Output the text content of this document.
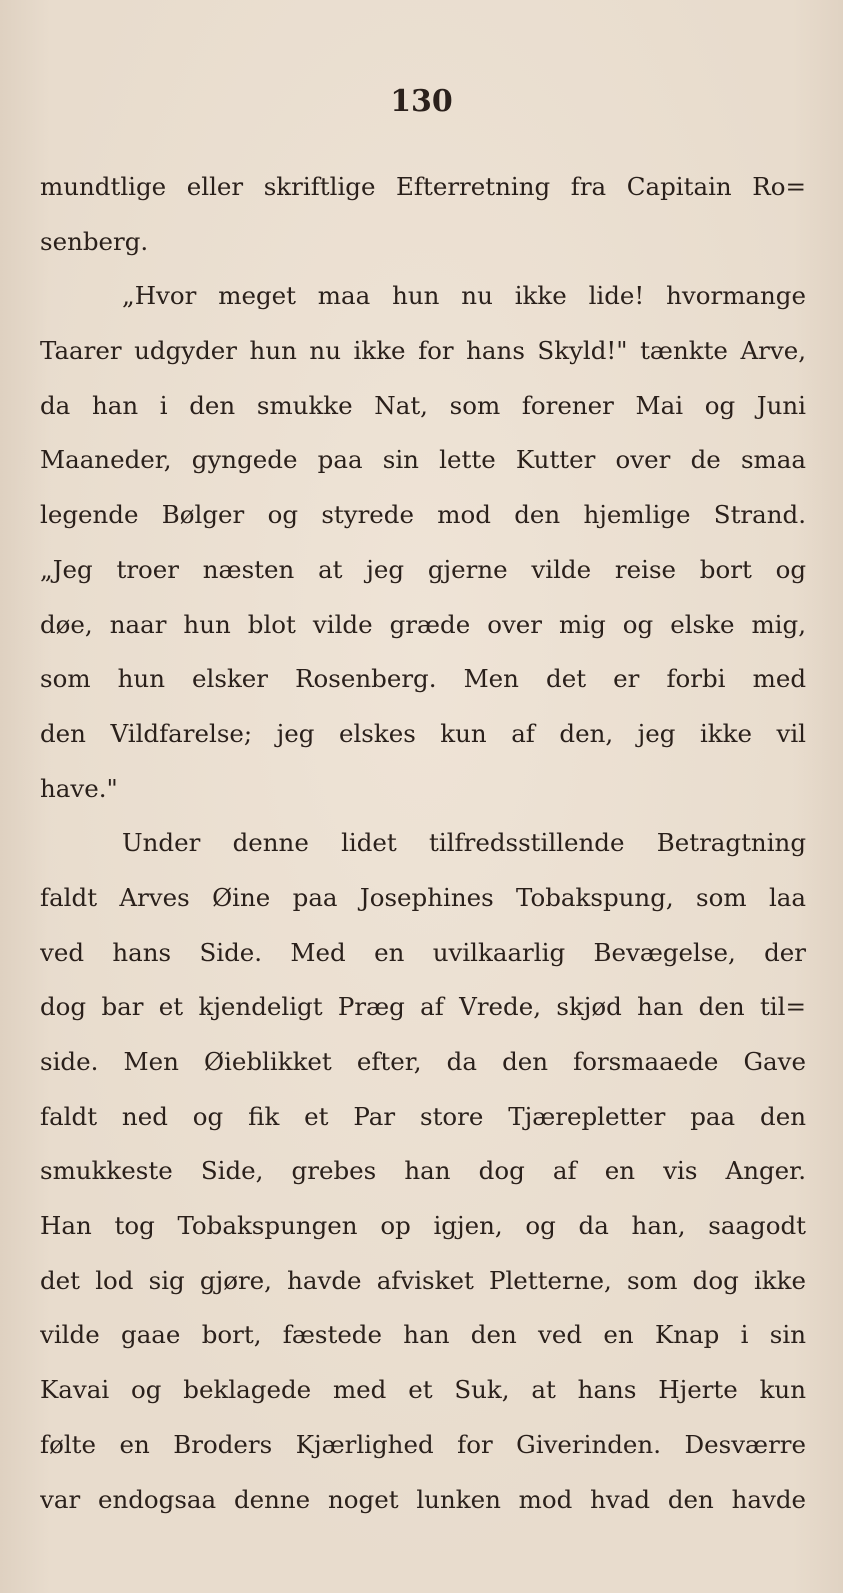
130
mundtlige eller skriftlige Efterretning fra Capitain Ro=
senberg.
„Hvor meget maa hun nu ikke lide! hvormange
Taarer udgyder hun nu ikke for hans Skyld!" tænkte Arve,
da han i den smukke Nat, som forener Mai og Juni
Maaneder, gyngede paa sin lette Kutter over de smaa
legende Bølger og styrede mod den hjemlige Strand.
„Jeg troer næsten at jeg gjerne vilde reise bort og
døe, naar hun blot vilde græde over mig og elske mig,
som hun elsker Rosenberg. Men det er forbi med
den Vildfarelse; jeg elskes kun af den, jeg ikke vil
have."
Under denne lidet tilfredsstillende Betragtning
faldt Arves Øine paa Josephines Tobakspung, som laa
ved hans Side. Med en uvilkaarlig Bevægelse, der
dog bar et kjendeligt Præg af Vrede, skjød han den til=
side. Men Øieblikket efter, da den forsmaaede Gave
faldt ned og fik et Par store Tjærepletter paa den
smukkeste Side, grebes han dog af en vis Anger.
Han tog Tobakspungen op igjen, og da han, saagodt
det lod sig gjøre, havde afvisket Pletterne, som dog ikke
vilde gaae bort, fæstede han den ved en Knap i sin
Kavai og beklagede med et Suk, at hans Hjerte kun
følte en Broders Kjærlighed for Giverinden. Desværre
var endogsaa denne noget lunken mod hvad den havde
